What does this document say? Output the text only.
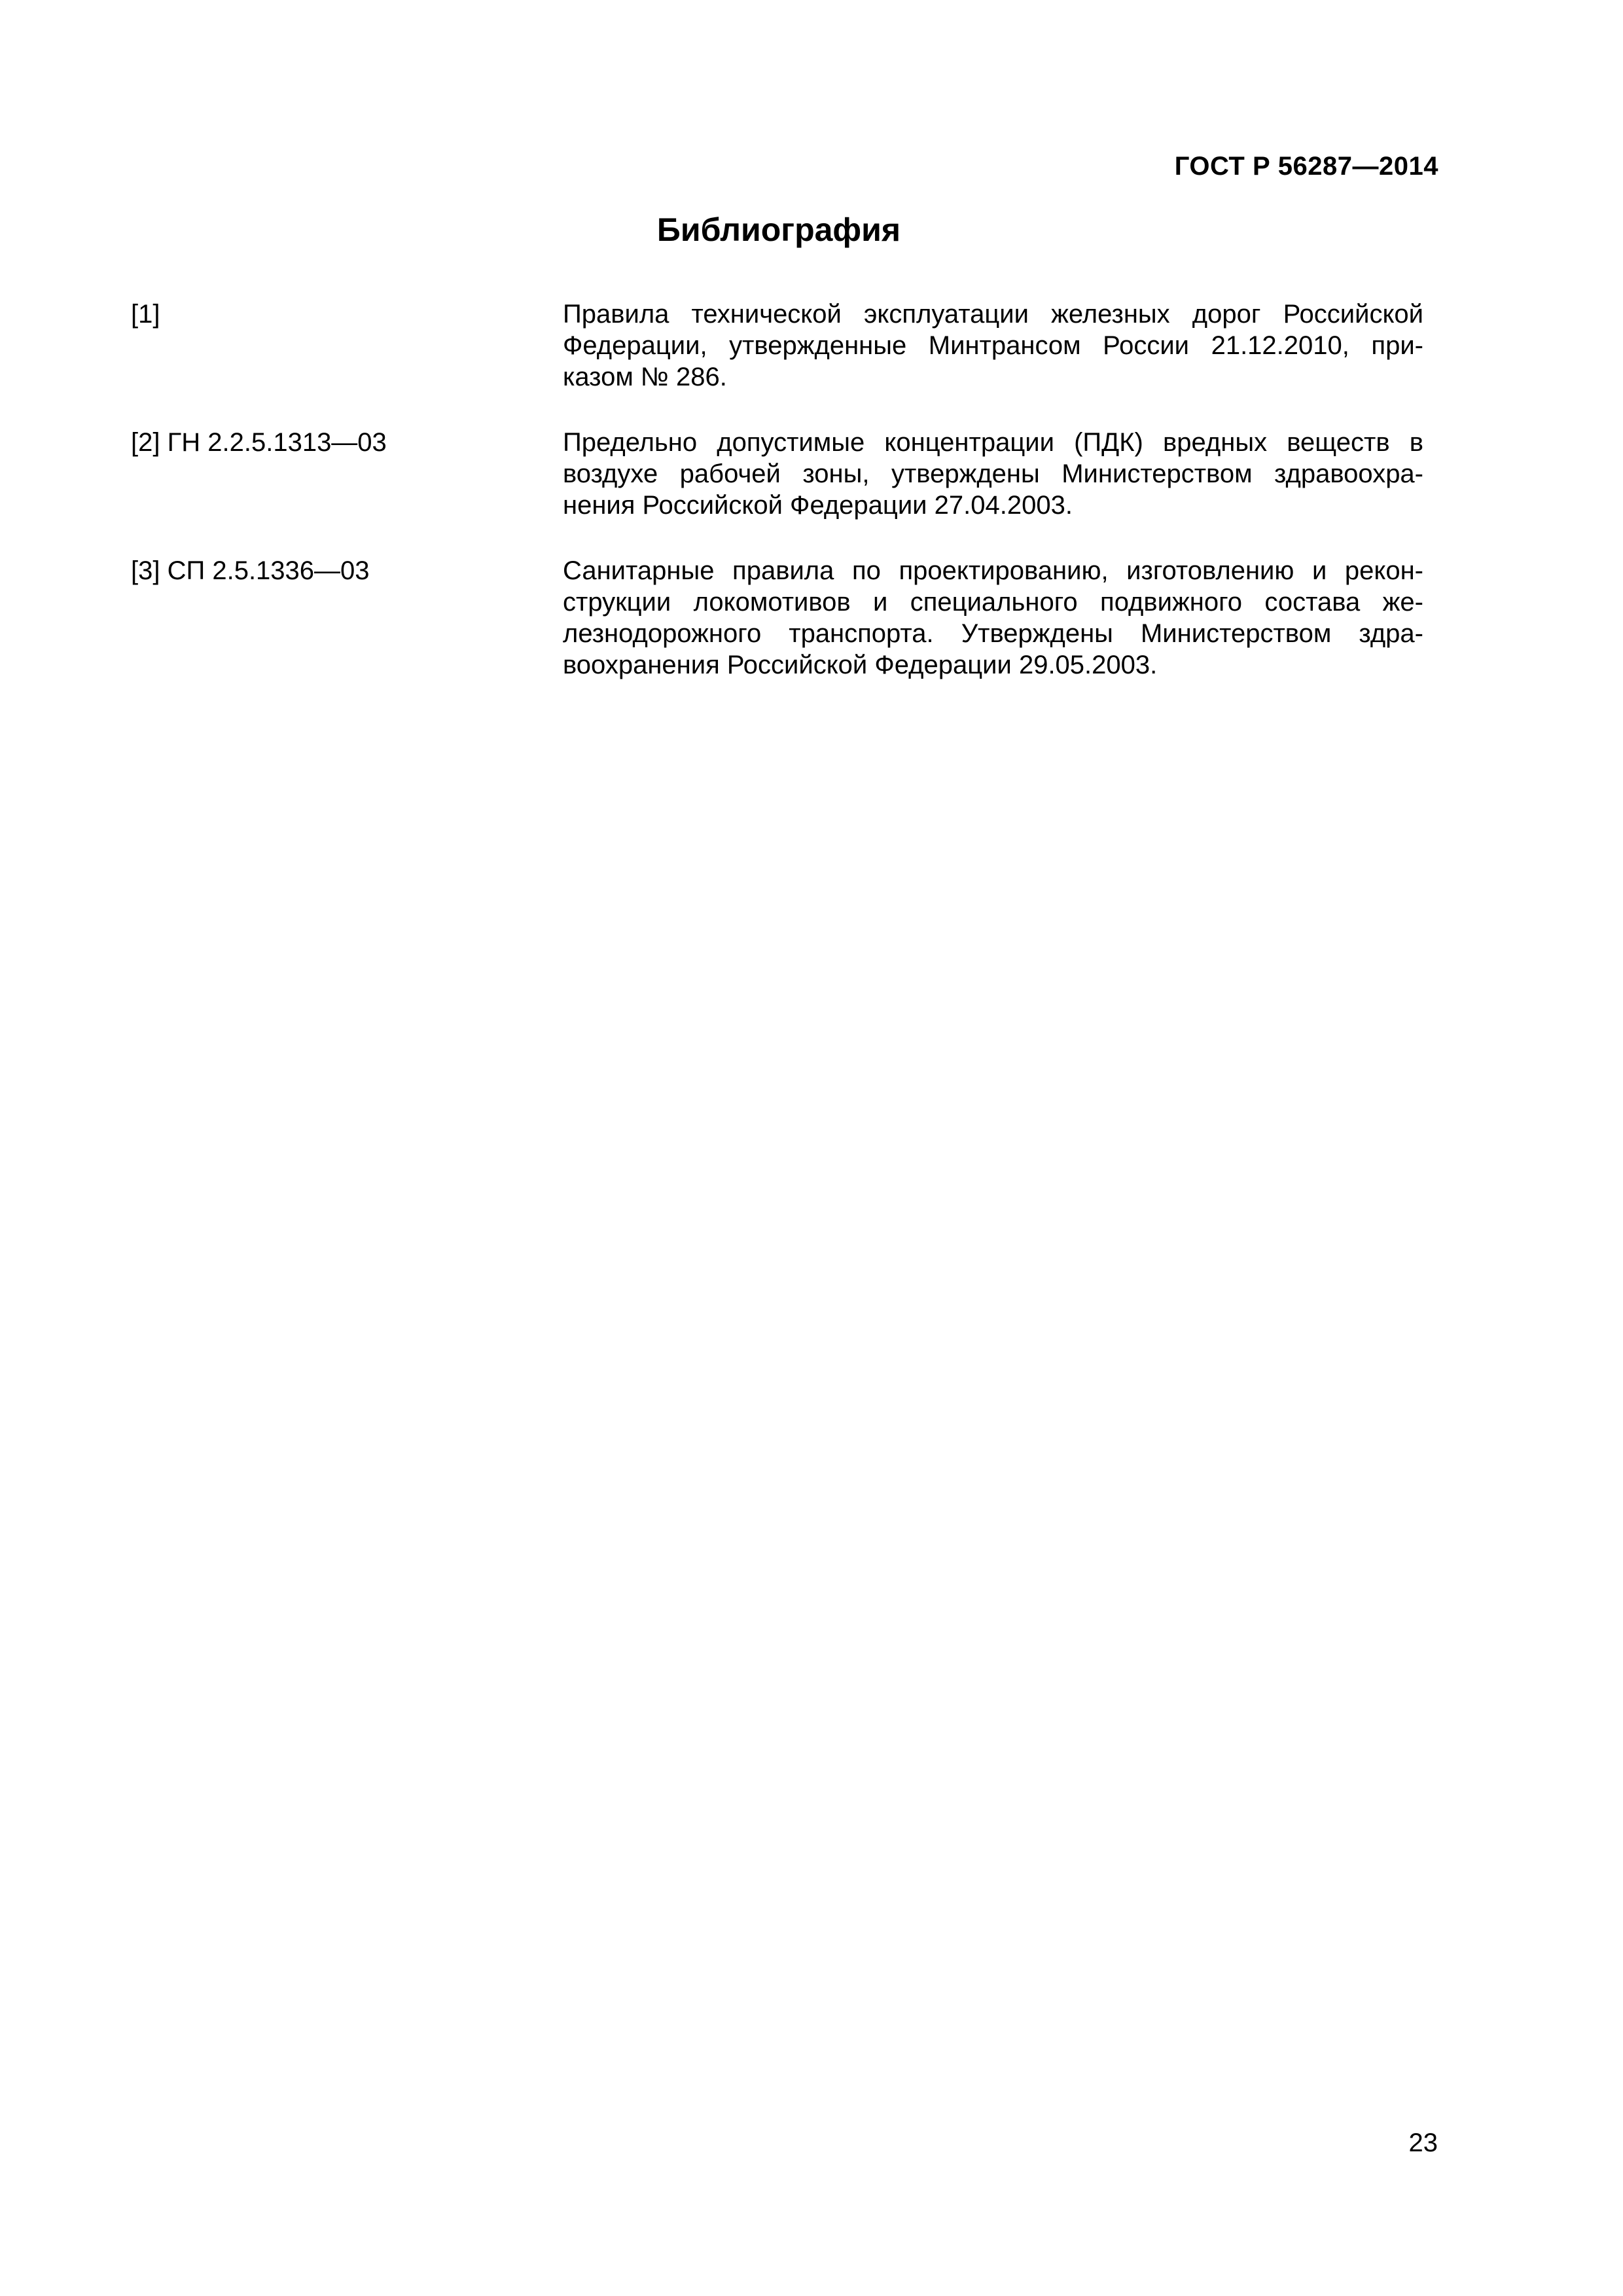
ГОСТ Р 56287—2014
Библиография
[1]	Правила технической эксплуатации железных дорог Российской
Федерации, утвержденные Минтрансом России 21.12.2010, при-
казом № 286.
[2] ГН 2.2.5.1313—03	Предельно допустимые концентрации (ПДК) вредных веществ в
воздухе рабочей зоны, утверждены Министерством здравоохра-
нения Российской Федерации 27.04.2003.
[3] СП 2.5.1336—03	Санитарные правила по проектированию, изготовлению и рекон-
струкции локомотивов и специального подвижного состава же-
лезнодорожного транспорта. Утверждены Министерством здра-
воохранения Российской Федерации 29.05.2003.
23
